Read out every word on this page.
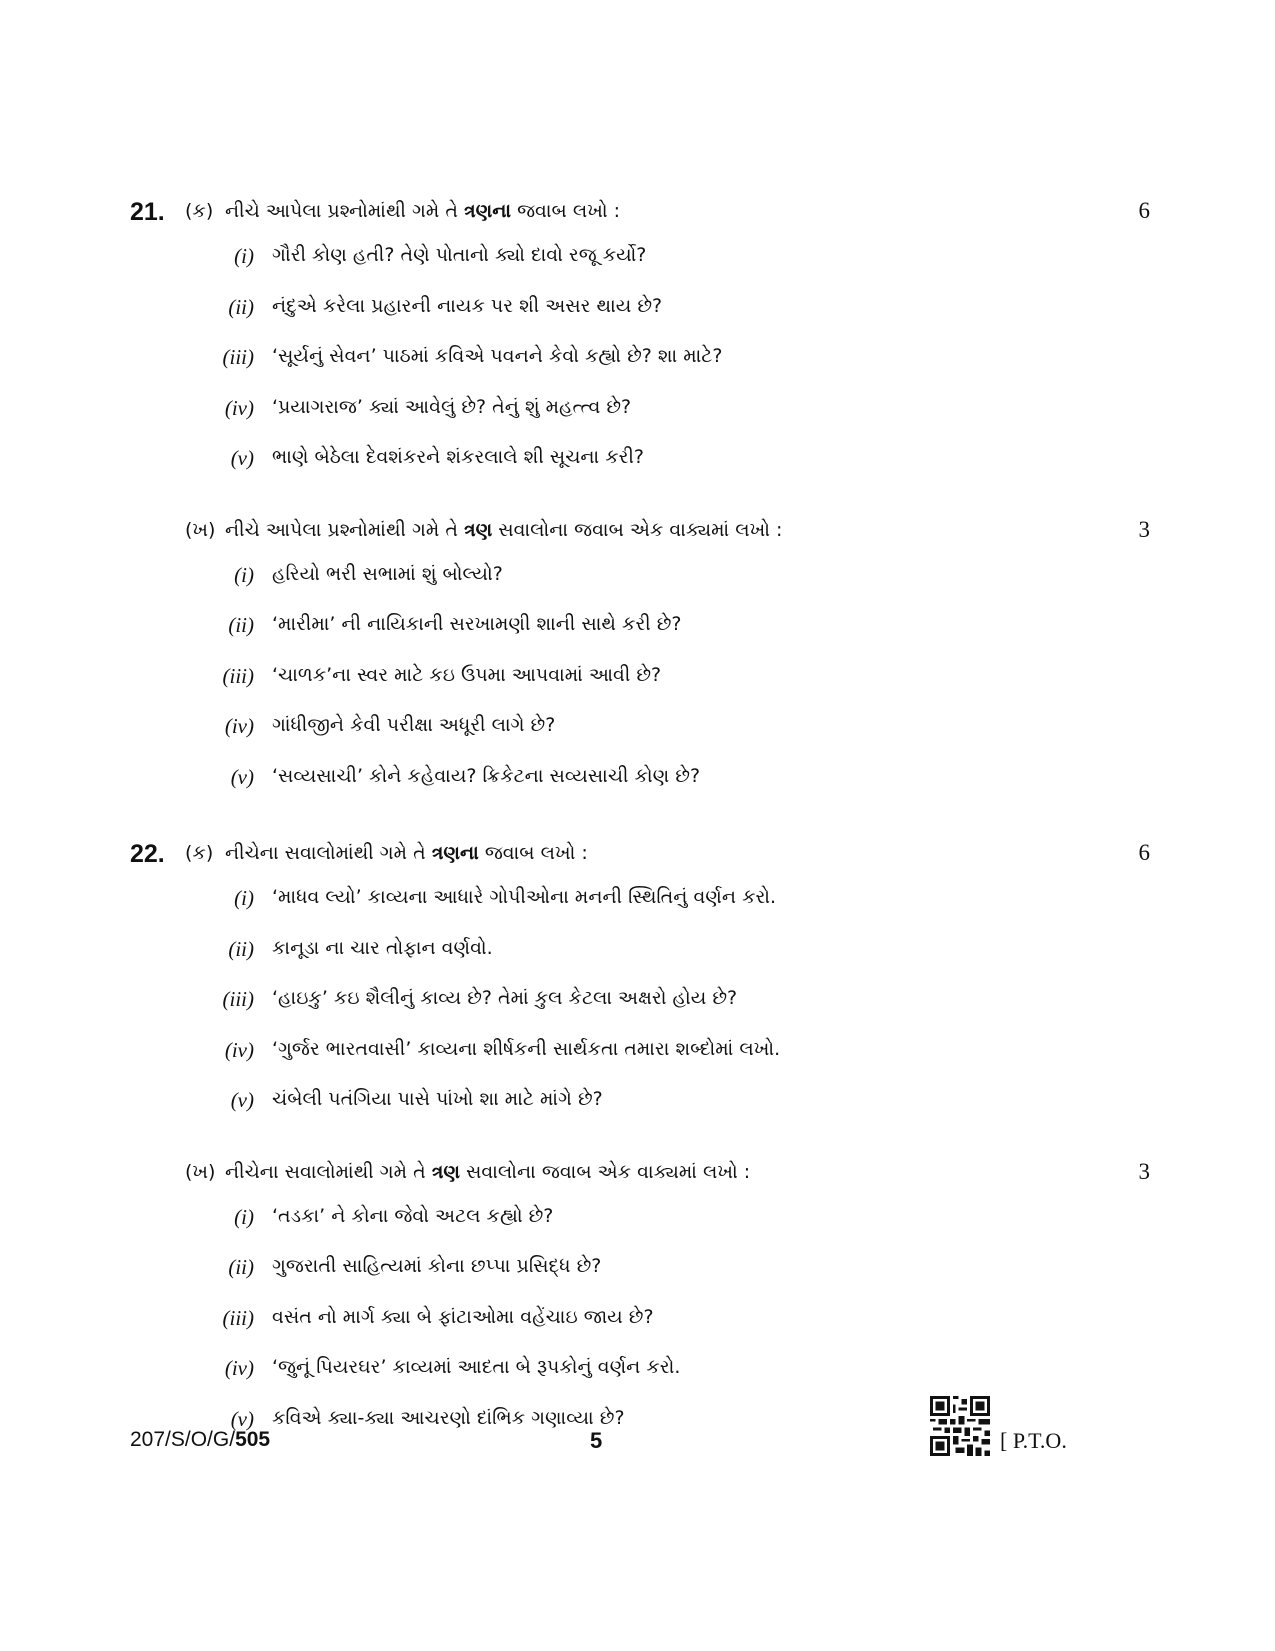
21. (ક) નીચે આપેલા પ્રશ્નોમાંથી ગમે તે ત્રણના જવાબ લખો :	6
(i) ગૌરી કોણ હતી? તેણે પોતાનો ક્યો દાવો રજૂ કર્યો?
(ii) નંદુએ કરેલા પ્રહારની નાયક પર શી અસર થાય છે?
(iii) ‘સૂર્યનું સેવન’ પાઠમાં કવિએ પવનને કેવો કહ્યો છે? શા માટે?
(iv) ‘પ્રયાગરાજ’ ક્યાં આવેલું છે? તેનું શું મહત્ત્વ છે?
(v) ભાણે બેઠેલા દેવશંકરને શંકરલાલે શી સૂચના કરી?
(ખ) નીચે આપેલા પ્રશ્નોમાંથી ગમે તે ત્રણ સવાલોના જવાબ એક વાક્યમાં લખો :	3
(i) હરિયો ભરી સભામાં શું બોલ્યો?
(ii) ‘મારીમા’ ની નાયિકાની સરખામણી શાની સાથે કરી છે?
(iii) ‘ચાળક’ના સ્વર માટે કઇ ઉપમા આપવામાં આવી છે?
(iv) ગાંધીજીને કેવી પરીક્ષા અધૂરી લાગે છે?
(v) ‘સવ્યસાચી’ કોને કહેવાય? ક્રિકેટના સવ્યસાચી કોણ છે?
22. (ક) નીચેના સવાલોમાંથી ગમે તે ત્રણના જવાબ લખો :	6
(i) ‘માધવ લ્યો’ કાવ્યના આધારે ગોપીઓના મનની સ્થિતિનું વર્ણન કરો.
(ii) કાનૂડા ના ચાર તોફાન વર્ણવો.
(iii) ‘હાઇકુ’ કઇ શૈલીનું કાવ્ય છે? તેમાં કુલ કેટલા અક્ષરો હોય છે?
(iv) ‘ગુર્જર ભારતવાસી’ કાવ્યના શીર્ષકની સાર્થકતા તમારા શબ્દોમાં લખો.
(v) ચંબેલી પતંગિયા પાસે પાંખો શા માટે માંગે છે?
(ખ) નીચેના સવાલોમાંથી ગમે તે ત્રણ સવાલોના જવાબ એક વાક્યમાં લખો :	3
(i) ‘તડકા’ ને કોના જેવો અટલ કહ્યો છે?
(ii) ગુજરાતી સાહિત્યમાં કોના છપ્પા પ્રસિદ્ધ છે?
(iii) વસંત નો માર્ગ ક્યા બે ફાંટાઓમા વહેંચાઇ જાય છે?
(iv) ‘જુનૂં પિયરઘર’ કાવ્યમાં આદતા બે રૂપકોનું વર્ણન કરો.
(v) કવિએ ક્યા-ક્યા આચરણો દાંભિક ગણાવ્યા છે?
207/S/O/G/505	5	[ P.T.O.
